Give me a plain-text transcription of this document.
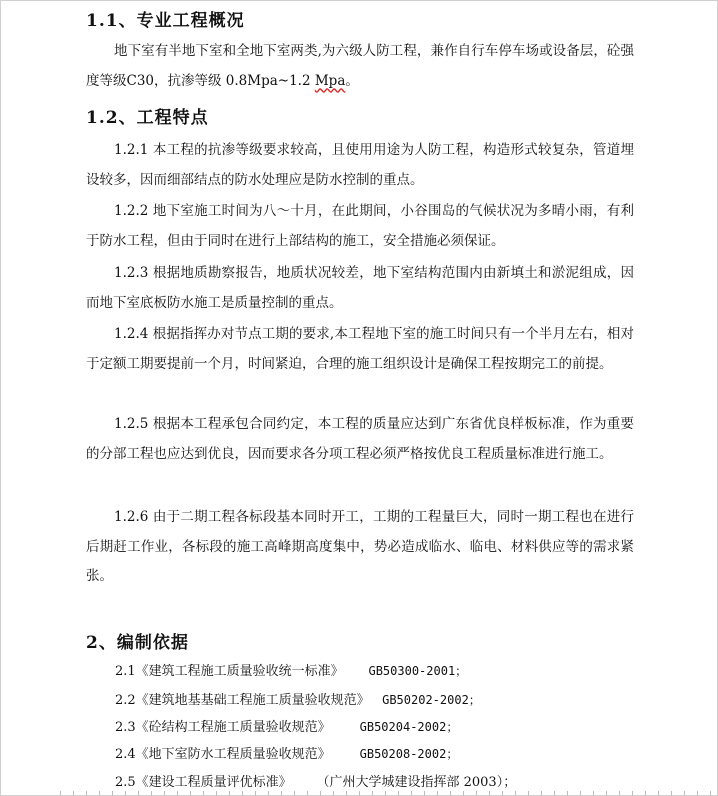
1.1、专业工程概况
地下室有半地下室和全地下室两类,为六级人防工程，兼作自行车停车场或设备层，砼强度等级C30，抗渗等级 0.8Mpa~1.2 Mpa。
1.2、工程特点
1.2.1 本工程的抗渗等级要求较高，且使用用途为人防工程，构造形式较复杂，管道埋设较多，因而细部结点的防水处理应是防水控制的重点。
1.2.2 地下室施工时间为八～十月，在此期间，小谷围岛的气候状况为多晴小雨，有利于防水工程，但由于同时在进行上部结构的施工，安全措施必须保证。
1.2.3 根据地质勘察报告，地质状况较差，地下室结构范围内由新填土和淤泥组成，因而地下室底板防水施工是质量控制的重点。
1.2.4 根据指挥办对节点工期的要求,本工程地下室的施工时间只有一个半月左右，相对于定额工期要提前一个月，时间紧迫，合理的施工组织设计是确保工程按期完工的前提。
1.2.5 根据本工程承包合同约定，本工程的质量应达到广东省优良样板标准，作为重要的分部工程也应达到优良，因而要求各分项工程必须严格按优良工程质量标准进行施工。
1.2.6 由于二期工程各标段基本同时开工，工期的工程量巨大，同时一期工程也在进行后期赶工作业，各标段的施工高峰期高度集中，势必造成临水、临电、材料供应等的需求紧张。
2、编制依据
2.1《建筑工程施工质量验收统一标准》 GB50300-2001；
2.2《建筑地基基础工程施工质量验收规范》 GB50202-2002；
2.3《砼结构工程施工质量验收规范》 GB50204-2002；
2.4《地下室防水工程质量验收规范》 GB50208-2002；
2.5《建设工程质量评优标准》 （广州大学城建设指挥部 2003）；
